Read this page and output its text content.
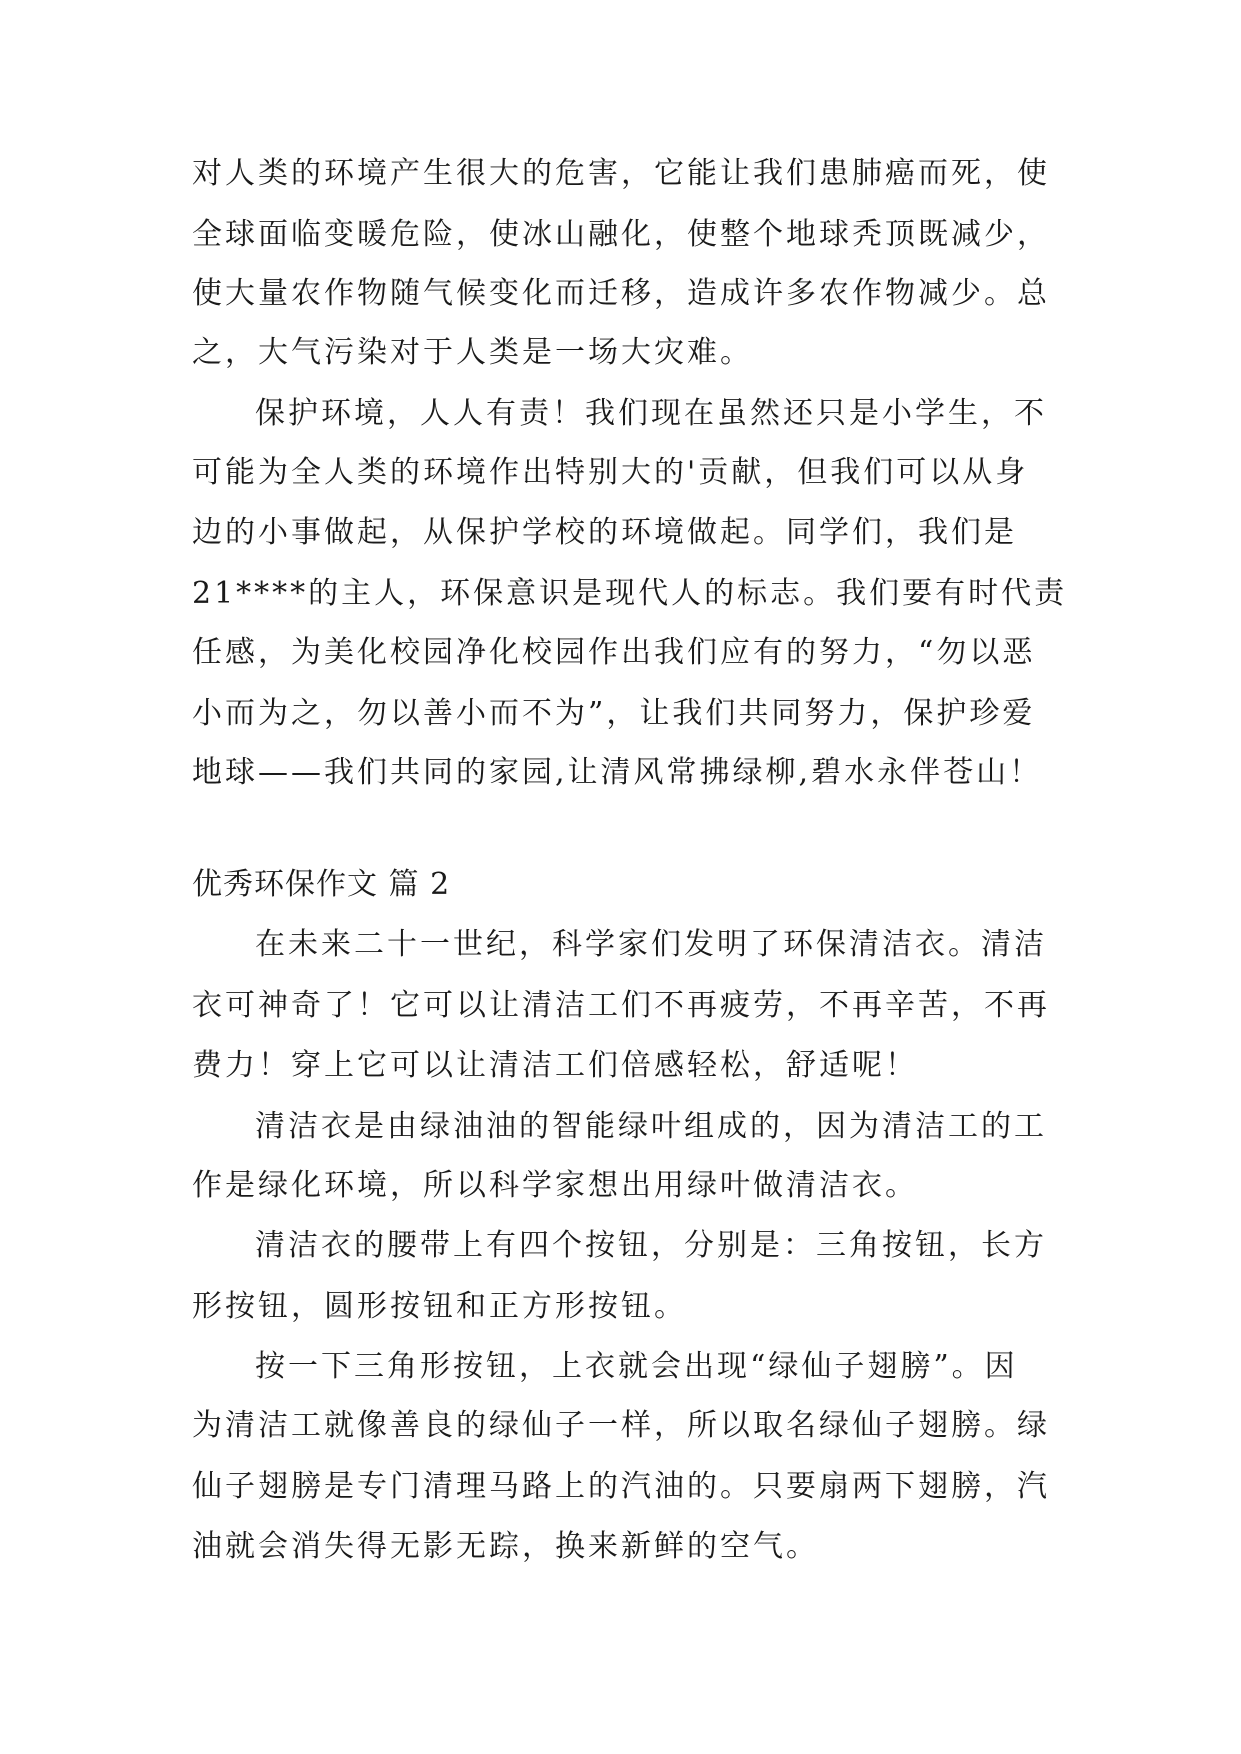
对人类的环境产生很大的危害，它能让我们患肺癌而死，使
全球面临变暖危险，使冰山融化，使整个地球秃顶既减少，
使大量农作物随气候变化而迁移，造成许多农作物减少。总
之，大气污染对于人类是一场大灾难。
保护环境，人人有责！我们现在虽然还只是小学生，不
可能为全人类的环境作出特别大的'贡献，但我们可以从身
边的小事做起，从保护学校的环境做起。同学们，我们是
21****的主人，环保意识是现代人的标志。我们要有时代责
任感，为美化校园净化校园作出我们应有的努力，“勿以恶
小而为之，勿以善小而不为”，让我们共同努力，保护珍爱
地球——我们共同的家园,让清风常拂绿柳,碧水永伴苍山！
优秀环保作文 篇 2
在未来二十一世纪，科学家们发明了环保清洁衣。清洁
衣可神奇了！它可以让清洁工们不再疲劳，不再辛苦，不再
费力！穿上它可以让清洁工们倍感轻松，舒适呢！
清洁衣是由绿油油的智能绿叶组成的，因为清洁工的工
作是绿化环境，所以科学家想出用绿叶做清洁衣。
清洁衣的腰带上有四个按钮，分别是：三角按钮，长方
形按钮，圆形按钮和正方形按钮。
按一下三角形按钮，上衣就会出现“绿仙子翅膀”。因
为清洁工就像善良的绿仙子一样，所以取名绿仙子翅膀。绿
仙子翅膀是专门清理马路上的汽油的。只要扇两下翅膀，汽
油就会消失得无影无踪，换来新鲜的空气。
